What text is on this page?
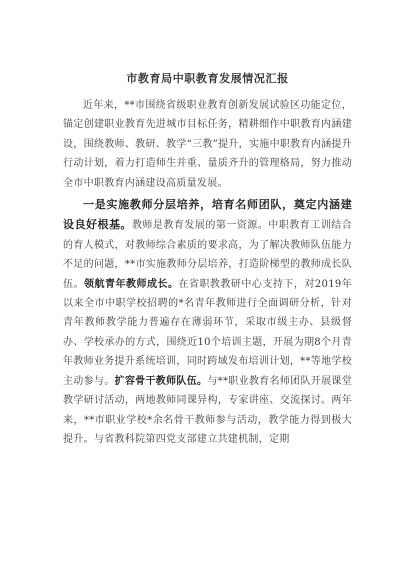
市教育局中职教育发展情况汇报

近年来，**市围绕省级职业教育创新发展试验区功能定位，锚定创建职业教育先进城市目标任务，精耕细作中职教育内涵建设，围绕教师、教研、教学“三教”提升，实施中职教育内涵提升行动计划，着力打造师生并重、量质齐升的管理格局，努力推动全市中职教育内涵建设高质量发展。

一是实施教师分层培养，培育名师团队，奠定内涵建设良好根基。教师是教育发展的第一资源。中职教育工训结合的育人模式，对教师综合素质的要求高，为了解决教师队伍能力不足的问题，**市实施教师分层培养，打造阶梯型的教师成长队伍。领航青年教师成长。在省职教教研中心支持下，对2019年以来全市中职学校招聘的*名青年教师进行全面调研分析，针对青年教师教学能力普遍存在薄弱环节，采取市级主办、县级督办、学校承办的方式，围绕近10个培训主题，开展为期8个月青年教师业务提升系统培训，同时跨域发布培训计划，**等地学校主动参与。扩容骨干教师队伍。与**职业教育名师团队开展课堂教学研讨活动，两地教师同课异构，专家讲座、交流探讨。两年来，**市职业学校*余名骨干教师参与活动，教学能力得到极大提升。与省教科院第四党支部建立共建机制，定期
